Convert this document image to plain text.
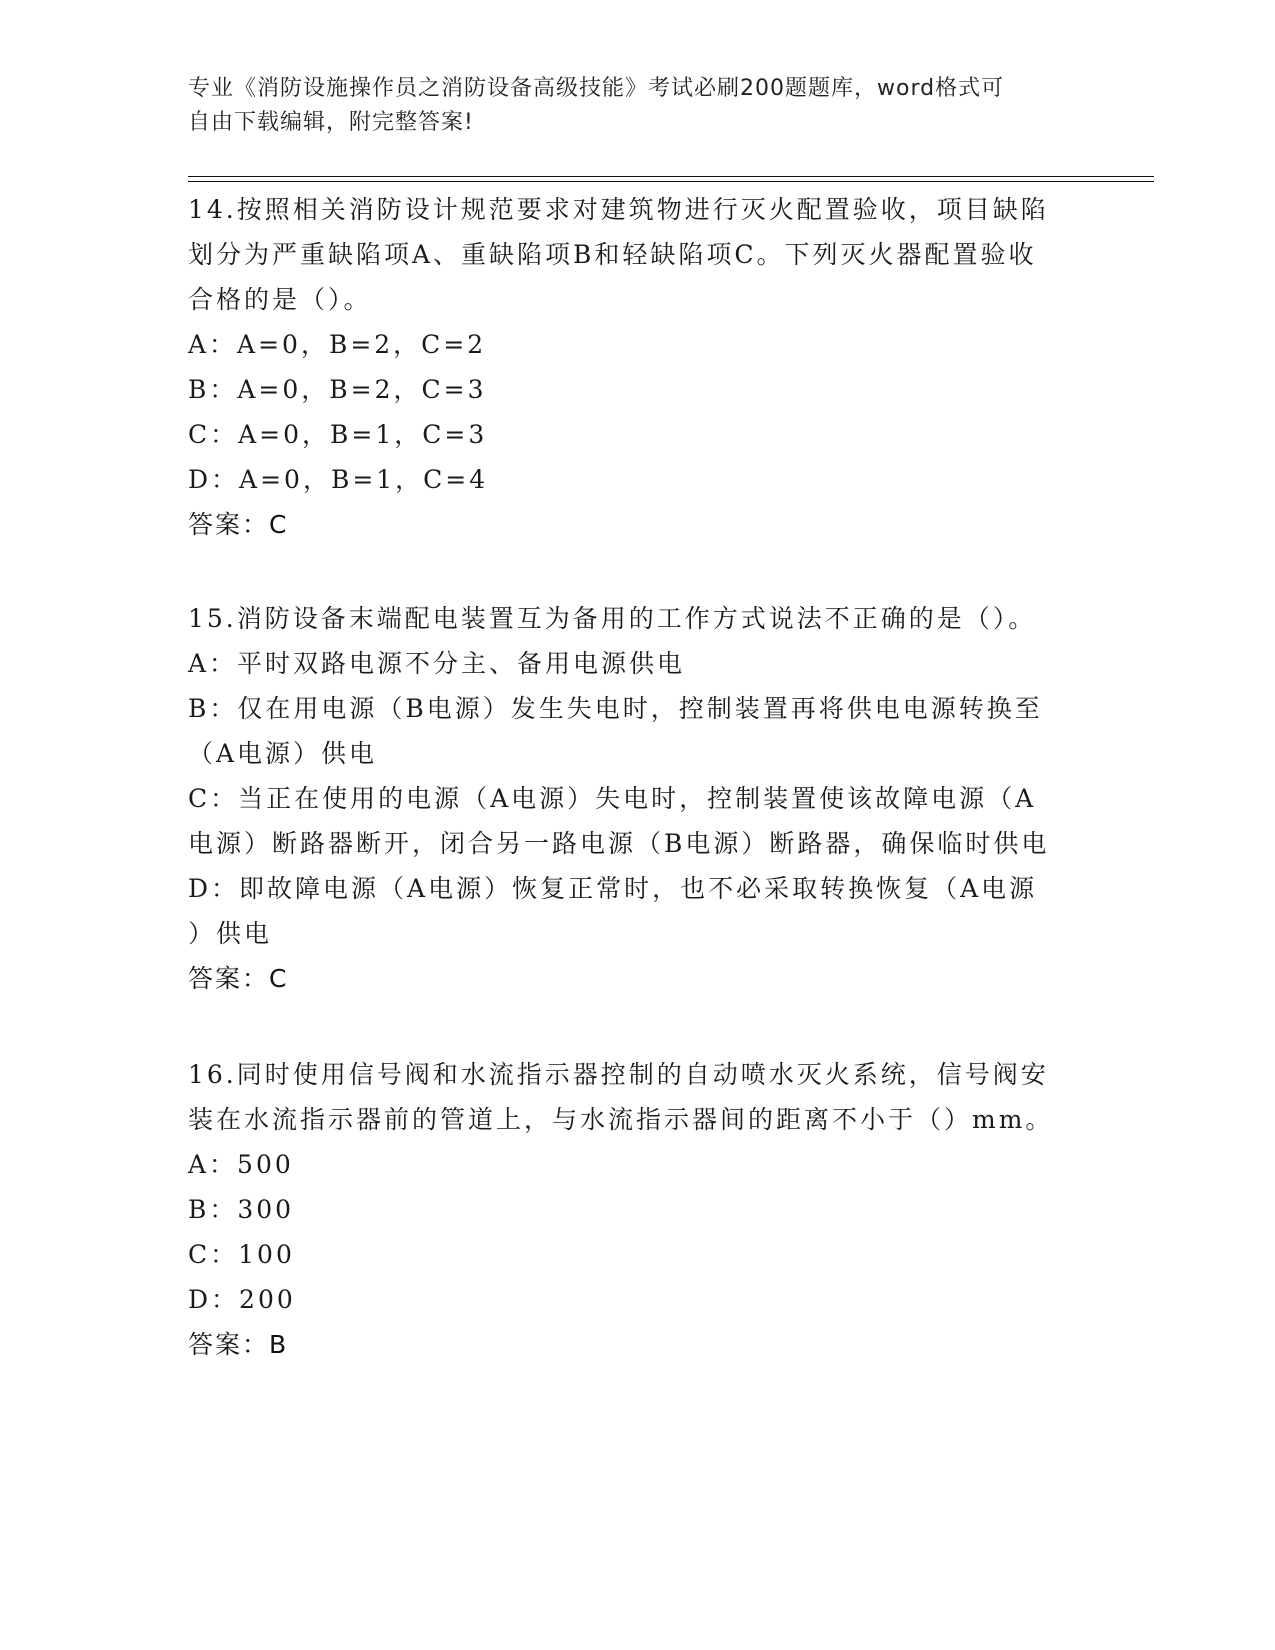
专业《消防设施操作员之消防设备高级技能》考试必刷200题题库，word格式可
自由下载编辑，附完整答案!

14.按照相关消防设计规范要求对建筑物进行灭火配置验收，项目缺陷

划分为严重缺陷项A、重缺陷项B和轻缺陷项C。下列灭火器配置验收

合格的是（）。

A：A=0，B=2，C=2

B：A=0，B=2，C=3

C：A=0，B=1，C=3

D：A=0，B=1，C=4

答案：C

15.消防设备末端配电装置互为备用的工作方式说法不正确的是（）。

A：平时双路电源不分主、备用电源供电

B：仅在用电源（B电源）发生失电时，控制装置再将供电电源转换至

（A电源）供电

C：当正在使用的电源（A电源）失电时，控制装置使该故障电源（A

电源）断路器断开，闭合另一路电源（B电源）断路器，确保临时供电

D：即故障电源（A电源）恢复正常时，也不必采取转换恢复（A电源

）供电

答案：C

16.同时使用信号阀和水流指示器控制的自动喷水灭火系统，信号阀安

装在水流指示器前的管道上，与水流指示器间的距离不小于（）mm。

A：500

B：300

C：100

D：200

答案：B
